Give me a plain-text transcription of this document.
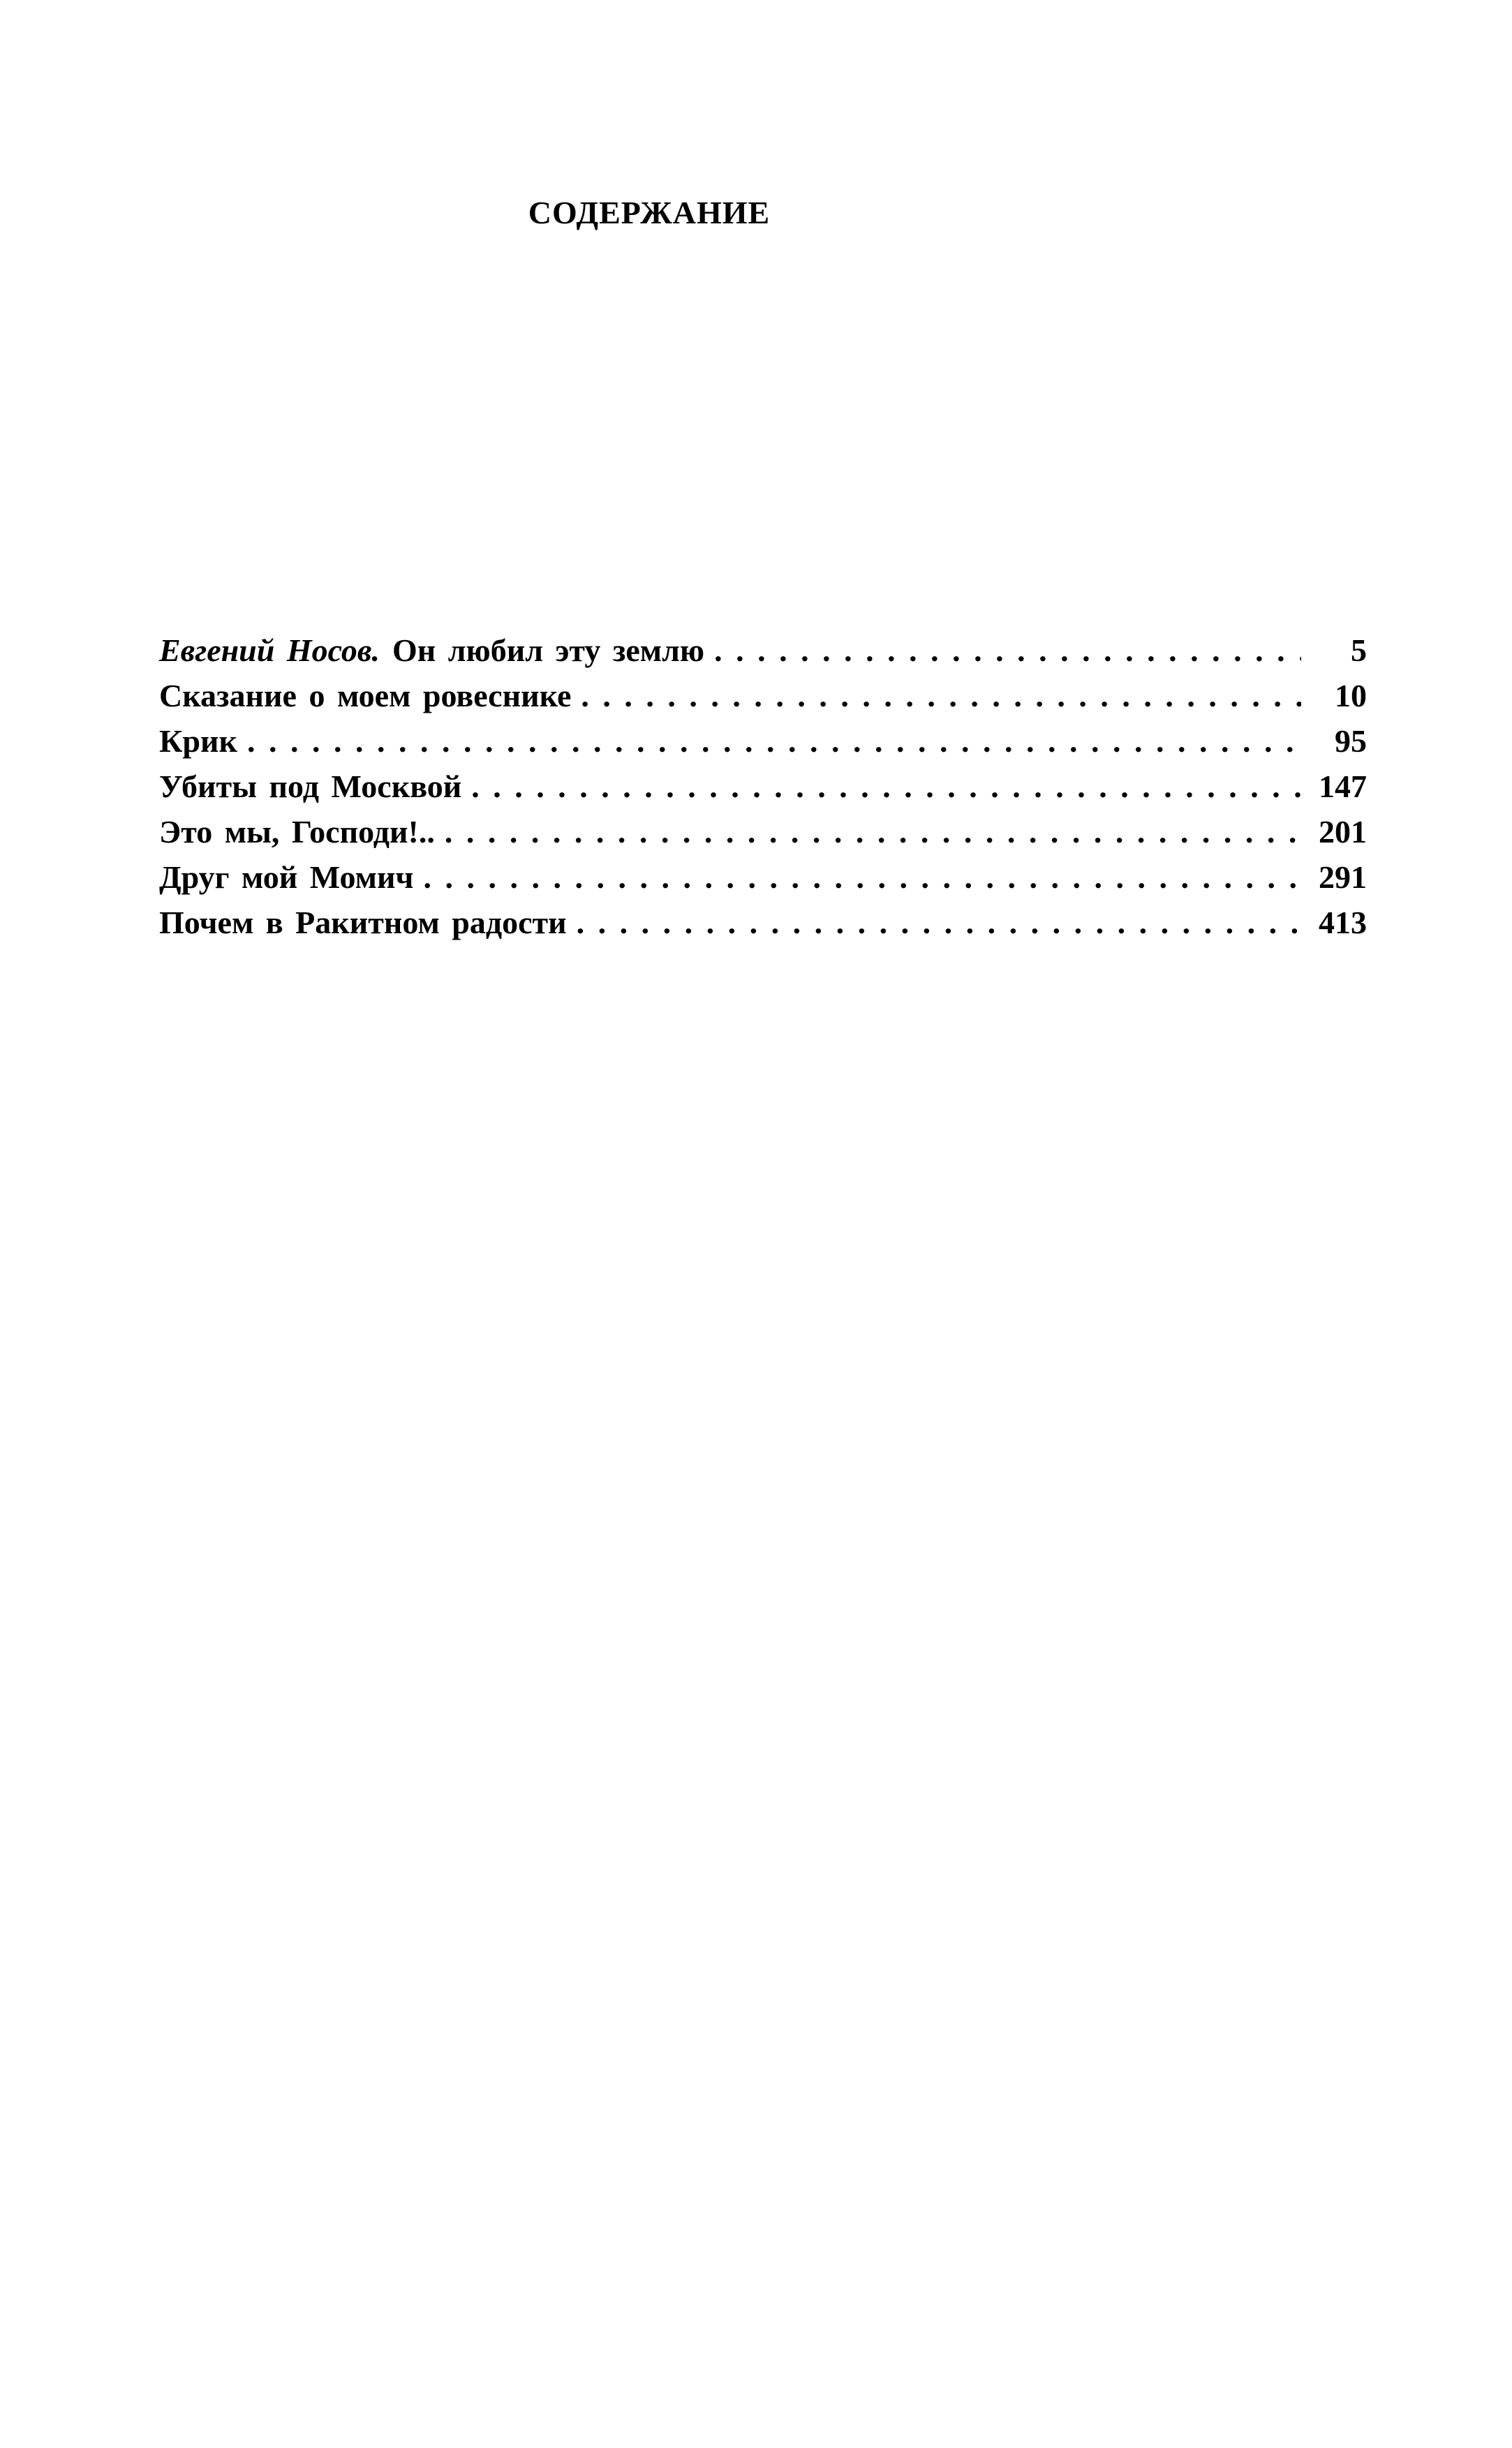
СОДЕРЖАНИЕ
Евгений Носов. Он любил эту землю . . .	5
Сказание о моем ровеснике . . .	10
Крик . . .	95
Убиты под Москвой . . .	147
Это мы, Господи!.. . . .	201
Друг мой Момич . . .	291
Почем в Ракитном радости . . .	413
